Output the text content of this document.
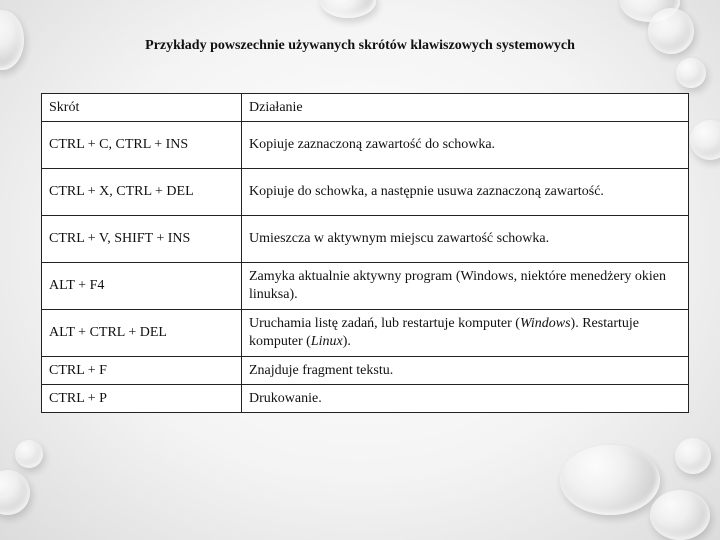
Przykłady powszechnie używanych skrótów klawiszowych systemowych
Skrót	Działanie
CTRL + C, CTRL + INS	Kopiuje zaznaczoną zawartość do schowka.
CTRL + X, CTRL + DEL	Kopiuje do schowka, a następnie usuwa zaznaczoną zawartość.
CTRL + V, SHIFT + INS	Umieszcza w aktywnym miejscu zawartość schowka.
ALT + F4	Zamyka aktualnie aktywny program (Windows, niektóre menedżery okien linuksa).
ALT + CTRL + DEL	Uruchamia listę zadań, lub restartuje komputer (Windows). Restartuje komputer (Linux).
CTRL + F	Znajduje fragment tekstu.
CTRL + P	Drukowanie.
